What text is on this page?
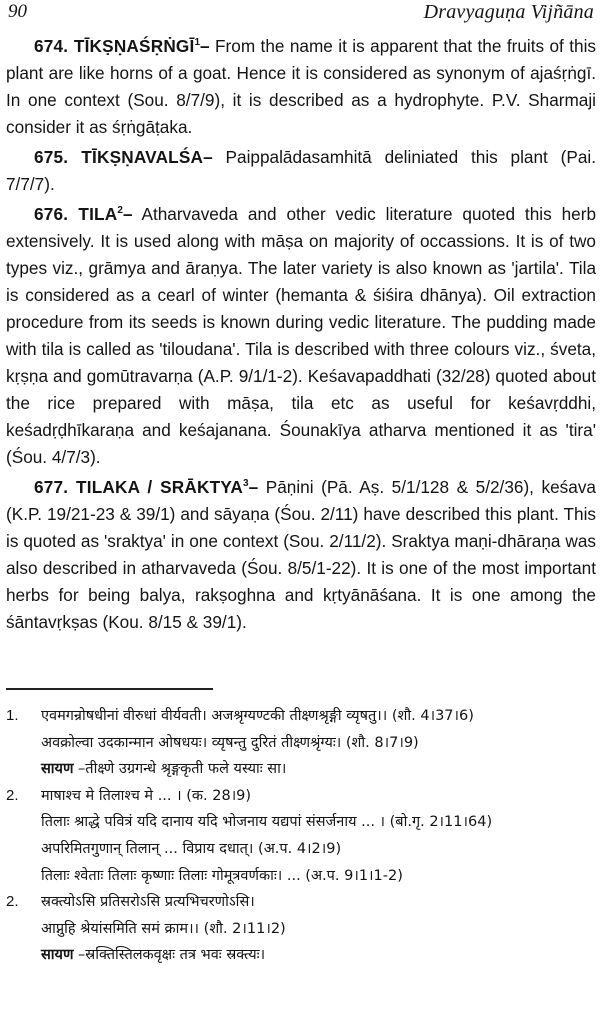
90	Dravyaguṇa Vijñāna

674. TĪKṢṆAŚṚṄGĪ$^1$– From the name it is apparent that the fruits of this plant are like horns of a goat. Hence it is considered as synonym of ajaśṛṅgī. In one context (Sou. 8/7/9), it is described as a hydrophyte. P.V. Sharmaji consider it as śṛṅgāṭaka.

675. TĪKṢṆAVALŚA– Paippalādasamhitā deliniated this plant (Pai. 7/7/7).

676. TILA$^2$– Atharvaveda and other vedic literature quoted this herb extensively. It is used along with māṣa on majority of occassions. It is of two types viz., grāmya and āraṇya. The later variety is also known as 'jartila'. Tila is considered as a cearl of winter (hemanta & śiśira dhānya). Oil extraction procedure from its seeds is known during vedic literature. The pudding made with tila is called as 'tiloudana'. Tila is described with three colours viz., śveta, kṛṣṇa and gomūtravarṇa (A.P. 9/1/1-2). Keśavapaddhati (32/28) quoted about the rice prepared with māṣa, tila etc as useful for keśavṛddhi, keśadṛḍhīkaraṇa and keśajanana. Śounakīya atharva mentioned it as 'tira' (Śou. 4/7/3).

677. TILAKA / SRĀKTYA$^3$– Pāṇini (Pā. Aṣ. 5/1/128 & 5/2/36), keśava (K.P. 19/21-23 & 39/1) and sāyaṇa (Śou. 2/11) have described this plant. This is quoted as 'sraktya' in one context (Sou. 2/11/2). Sraktya maṇi-dhāraṇa was also described in atharvaveda (Śou. 8/5/1-22). It is one of the most important herbs for being balya, rakṣoghna and kṛtyānāśana. It is one among the śāntavṛkṣas (Kou. 8/15 & 39/1).

1. एवमगन्रोषधीनां वीरुधां वीर्यवती। अजश्रृग्यण्टकी तीक्ष्णश्रृङ्गी व्यृषतु।। (शौ. 4।37।6)

अवक्रोल्वा उदकान्मान ओषधयः। व्यृषन्तु दुरितं तीक्ष्णश्रृंग्यः। (शौ. 8।7।9)

सायण –तीक्ष्णे उग्रगन्धे श्रृङ्गकृती फले यस्याः सा।

2. माषाश्च मे तिलाश्च मे ... । (क. 28।9)

तिलाः श्राद्धे पवित्रं यदि दानाय यदि भोजनाय यद्यपां संसर्जनाय ... । (बो.गृ. 2।11।64)

अपरिमितगुणान् तिलान् ... विप्राय दधात्। (अ.प. 4।2।9)

तिलाः श्वेताः तिलाः कृष्णाः तिलाः गोमूत्रवर्णकाः। ... (अ.प. 9।1।1-2)

2. स्रक्त्योऽसि प्रतिसरोऽसि प्रत्यभिचरणोऽसि।

आप्नुहि श्रेयांसमिति समं क्राम।। (शौ. 2।11।2)

सायण –स्रक्तिस्तिलकवृक्षः तत्र भवः स्रक्त्यः।
